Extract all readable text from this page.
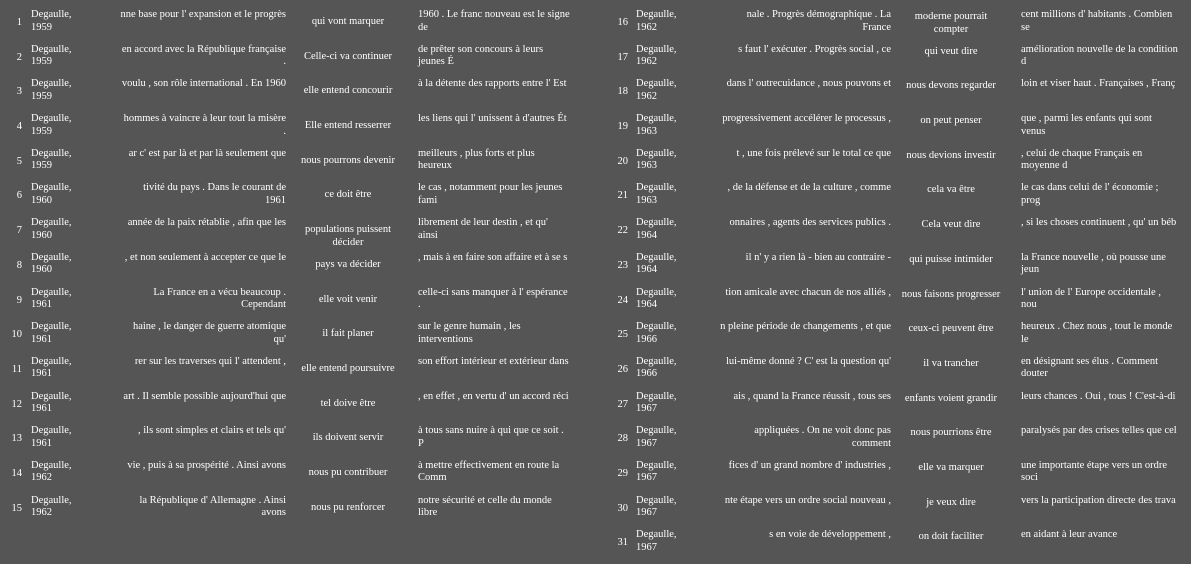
1
Degaulle, 1959
nne base pour l' expansion et le progrès
qui vont marquer
1960 . Le franc nouveau est le signe de
2
Degaulle, 1959
en accord avec la République française .	Celle-ci va continuer
de prêter son concours à leurs jeunes É
3
Degaulle, 1959
voulu , son rôle international . En 1960
elle entend concourir
à la détente des rapports entre l' Est
4
Degaulle, 1959
hommes à vaincre à leur tout la misère .	Elle entend resserrer
les liens qui l' unissent à d'autres Ét
5
Degaulle, 1959
ar c' est par là et par là seulement que
nous pourrons devenir
meilleurs , plus forts et plus heureux
6
Degaulle, 1960
tivité du pays . Dans le courant de 1961	ce doit être
le cas , notamment pour les jeunes fami
7
Degaulle, 1960
année de la paix rétablie , afin que les
populations puissent décider
librement de leur destin , et qu' ainsi
8
Degaulle, 1960
, et non seulement à accepter ce que le
pays va décider
, mais à en faire son affaire et à se s
9
Degaulle, 1961
La France en a vécu beaucoup . Cependant	elle voit venir
celle-ci sans manquer à l' espérance .
10
Degaulle, 1961
haine , le danger de guerre atomique qu'	il fait planer
sur le genre humain , les interventions
11
Degaulle, 1961
rer sur les traverses qui l' attendent ,
elle entend poursuivre
son effort intérieur et extérieur dans
12
Degaulle, 1961
art . Il semble possible aujourd'hui que
tel doive être
, en effet , en vertu d' un accord réci
13
Degaulle, 1961
, ils sont simples et clairs et tels qu'
ils doivent servir
à tous sans nuire à qui que ce soit . P
14
Degaulle, 1962
vie , puis à sa prospérité . Ainsi avons
nous pu contribuer
à mettre effectivement en route la Comm
15
Degaulle, 1962
la République d' Allemagne . Ainsi avons	nous pu renforcer
notre sécurité et celle du monde libre
16
Degaulle, 1962
nale . Progrès démographique . La France
moderne pourrait compter
cent millions d' habitants . Combien se
17
Degaulle, 1962
s faut l' exécuter . Progrès social , ce	qui veut dire	amélioration nouvelle de la condition d
18
Degaulle, 1962
dans l' outrecuidance , nous pouvons et	nous devons regarder	loin et viser haut . Françaises , Franç
19
Degaulle, 1963
progressivement accélérer le processus ,	on peut penser	que , parmi les enfants qui sont venus
20
Degaulle, 1963
t , une fois prélevé sur le total ce que	nous devions investir	, celui de chaque Français en moyenne d
21
Degaulle, 1963
, de la défense et de la culture , comme	cela va être	le cas dans celui de l' économie ; prog
22
Degaulle, 1964
onnaires , agents des services publics .	Cela veut dire	, si les choses continuent , qu' un béb
23
Degaulle, 1964
il n' y a rien là - bien au contraire -	qui puisse intimider	la France nouvelle , où pousse une jeun
24
Degaulle, 1964
tion amicale avec chacun de nos alliés ,	nous faisons progresser	l' union de l' Europe occidentale , nou
25
Degaulle, 1966
n pleine période de changements , et que	ceux-ci peuvent être	heureux . Chez nous , tout le monde le
26
Degaulle, 1966
lui-même donné ? C' est la question qu'	il va trancher	en désignant ses élus . Comment douter
27
Degaulle, 1967
ais , quand la France réussit , tous ses	enfants voient grandir	leurs chances . Oui , tous ! C'est-à-di
28
Degaulle, 1967
appliquées . On ne voit donc pas comment
nous pourrions être	paralysés par des crises telles que cel
29
Degaulle, 1967
fices d' un grand nombre d' industries ,	elle va marquer	une importante étape vers un ordre soci
30
Degaulle, 1967
nte étape vers un ordre social nouveau ,	je veux dire	vers la participation directe des trava
31
Degaulle, 1967
s en voie de développement ,	on doit faciliter	en aidant à leur avance
